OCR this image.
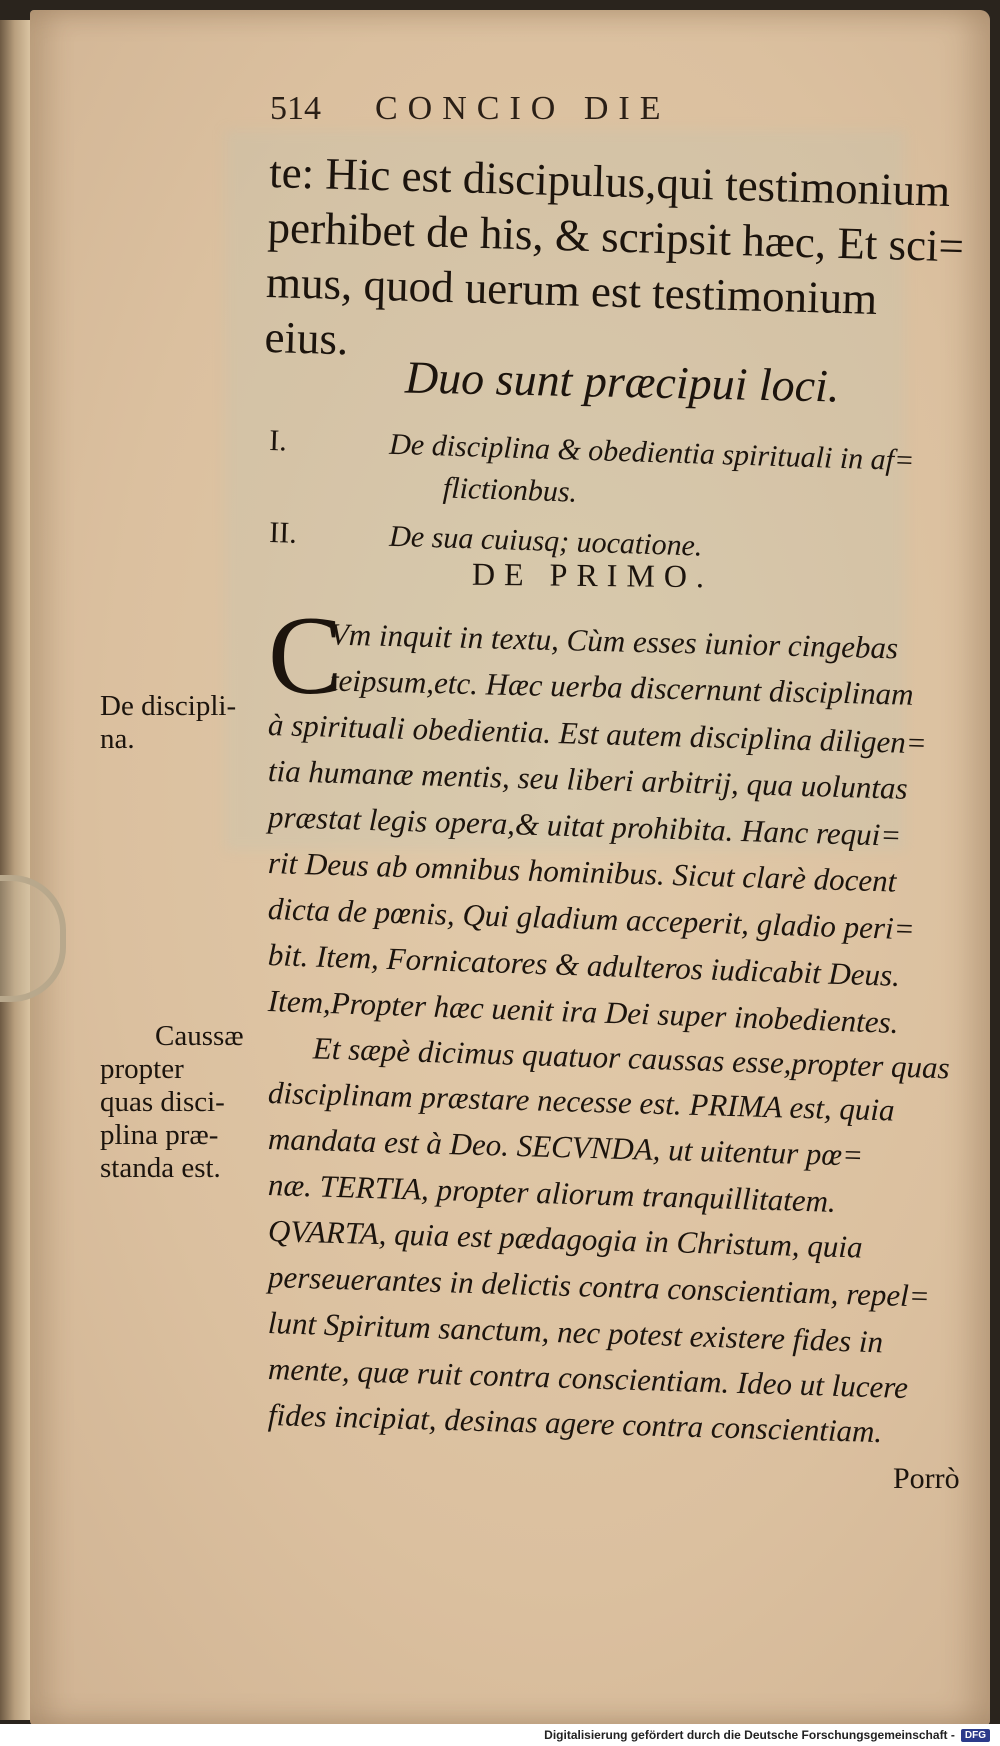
514 CONCIO DIE
te: Hic est discipulus,qui testimonium
perhibet de his, & scripsit hæc, Et sci=
mus, quod uerum est testimonium
eius.
Duo sunt præcipui loci.
I.	De disciplina & obedientia spirituali in af=
flictionbus.
II.	De sua cuiusq; uocatione.
DE PRIMO.
C
Vm inquit in textu, Cùm esses iunior cingebas
teipsum,etc. Hæc uerba discernunt disciplinam
à spirituali obedientia. Est autem disciplina diligen=
tia humanæ mentis, seu liberi arbitrij, qua uoluntas
præstat legis opera,& uitat prohibita. Hanc requi=
rit Deus ab omnibus hominibus. Sicut clarè docent
dicta de pœnis, Qui gladium acceperit, gladio peri=
bit. Item, Fornicatores & adulteros iudicabit Deus.
Item,Propter hæc uenit ira Dei super inobedientes.
Et sæpè dicimus quatuor caussas esse,propter quas
disciplinam præstare necesse est. PRIMA est, quia
mandata est à Deo. SECVNDA, ut uitentur pœ=
næ. TERTIA, propter aliorum tranquillitatem.
QVARTA, quia est pædagogia in Christum, quia
perseuerantes in delictis contra conscientiam, repel=
lunt Spiritum sanctum, nec potest existere fides in
mente, quæ ruit contra conscientiam. Ideo ut lucere
fides incipiat, desinas agere contra conscientiam.
De discipli-
na.
Caussæ
propter
quas disci-
plina præ-
standa est.
Porrò
Digitalisierung gefördert durch die Deutsche Forschungsgemeinschaft -	DFG
